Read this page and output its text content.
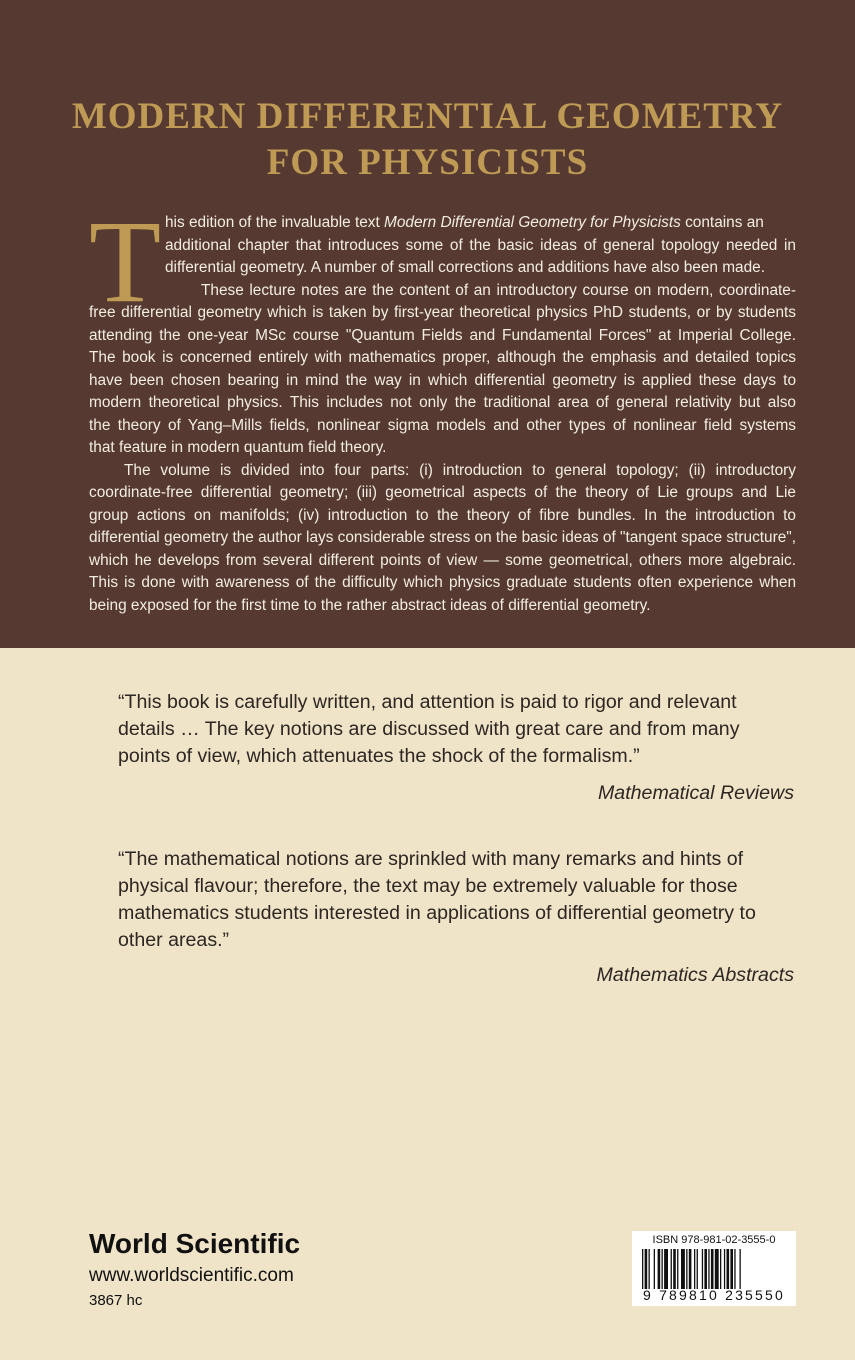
MODERN DIFFERENTIAL GEOMETRY
FOR PHYSICISTS
T his edition of the invaluable text Modern Differential Geometry for Physicists contains an

additional chapter that introduces some of the basic ideas of general topology needed in

differential geometry. A number of small corrections and additions have also been made.

These lecture notes are the content of an introductory course on modern, coordinate-

free differential geometry which is taken by first-year theoretical physics PhD students, or by students

attending the one-year MSc course "Quantum Fields and Fundamental Forces" at Imperial College.

The book is concerned entirely with mathematics proper, although the emphasis and detailed topics

have been chosen bearing in mind the way in which differential geometry is applied these days to

modern theoretical physics. This includes not only the traditional area of general relativity but also

the theory of Yang–Mills fields, nonlinear sigma models and other types of nonlinear field systems

that feature in modern quantum field theory.

The volume is divided into four parts: (i) introduction to general topology; (ii) introductory

coordinate-free differential geometry; (iii) geometrical aspects of the theory of Lie groups and Lie

group actions on manifolds; (iv) introduction to the theory of fibre bundles. In the introduction to

differential geometry the author lays considerable stress on the basic ideas of "tangent space structure",

which he develops from several different points of view — some geometrical, others more algebraic.

This is done with awareness of the difficulty which physics graduate students often experience when

being exposed for the first time to the rather abstract ideas of differential geometry.

“This book is carefully written, and attention is paid to rigor and relevant

details … The key notions are discussed with great care and from many

points of view, which attenuates the shock of the formalism.”

Mathematical Reviews

“The mathematical notions are sprinkled with many remarks and hints of

physical flavour; therefore, the text may be extremely valuable for those

mathematics students interested in applications of differential geometry to

other areas.”

Mathematics Abstracts

World Scientific

www.worldscientific.com

3867 hc

ISBN 978-981-02-3555-0
9 789810 235550
